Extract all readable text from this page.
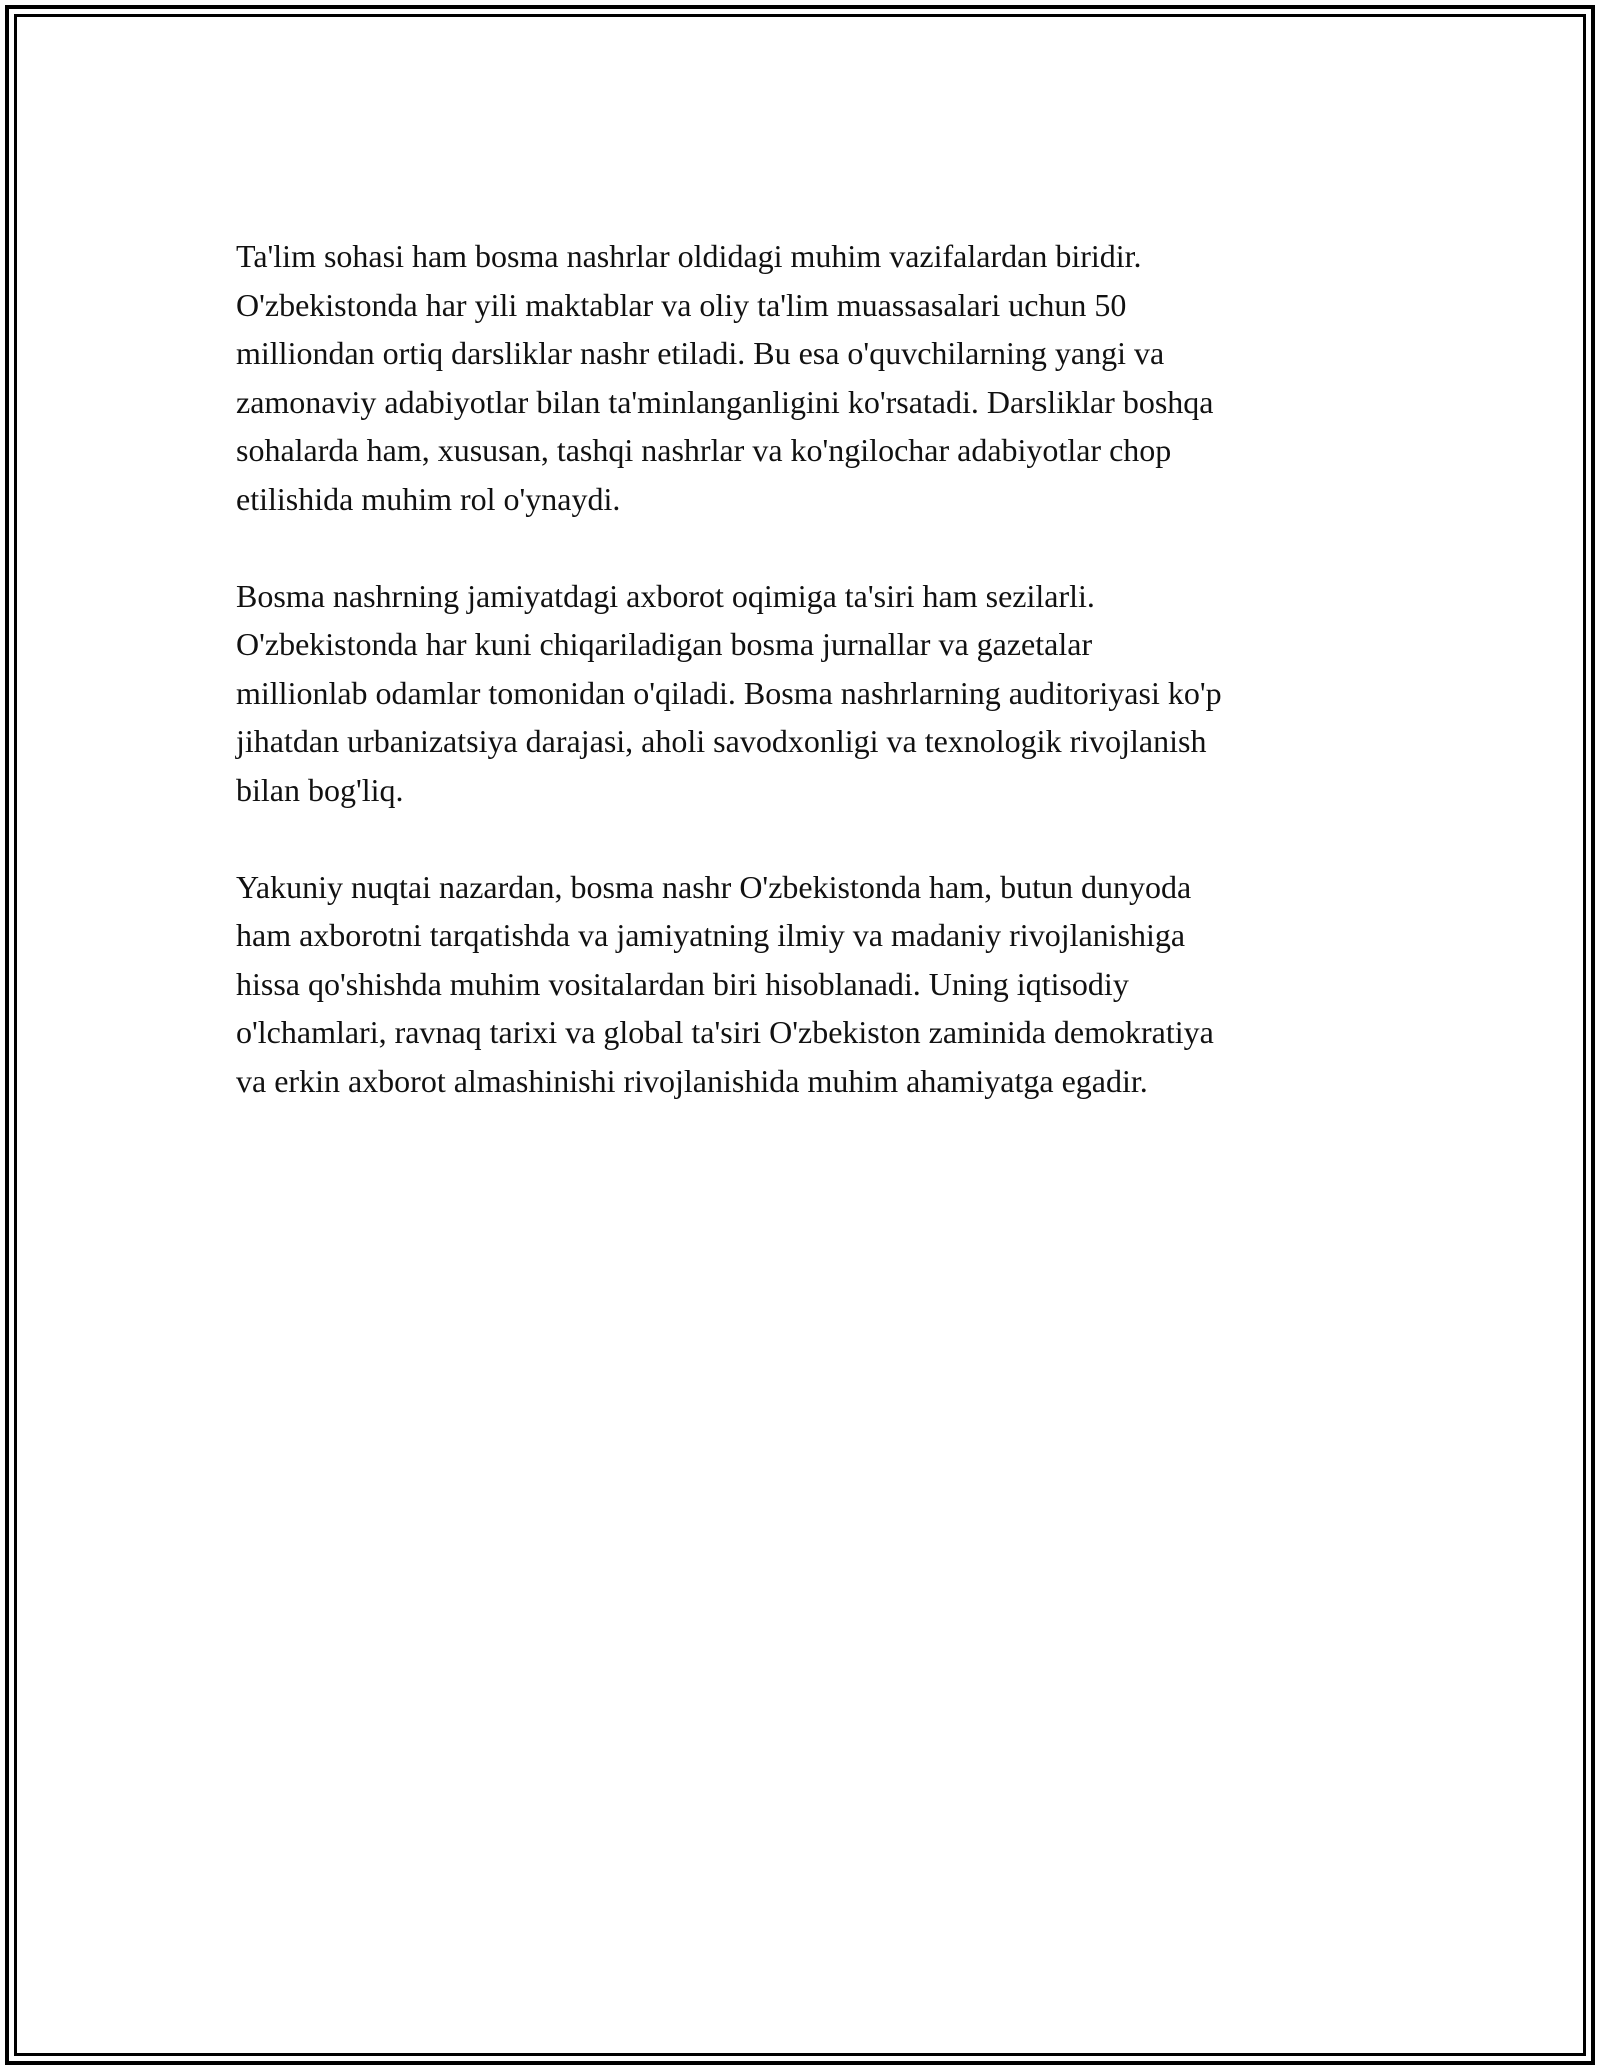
Ta'lim sohasi ham bosma nashrlar oldidagi muhim vazifalardan biridir.
O'zbekistonda har yili maktablar va oliy ta'lim muassasalari uchun 50
milliondan ortiq darsliklar nashr etiladi. Bu esa o'quvchilarning yangi va
zamonaviy adabiyotlar bilan ta'minlanganligini ko'rsatadi. Darsliklar boshqa
sohalarda ham, xususan, tashqi nashrlar va ko'ngilochar adabiyotlar chop
etilishida muhim rol o'ynaydi.
Bosma nashrning jamiyatdagi axborot oqimiga ta'siri ham sezilarli.
O'zbekistonda har kuni chiqariladigan bosma jurnallar va gazetalar
millionlab odamlar tomonidan o'qiladi. Bosma nashrlarning auditoriyasi ko'p
jihatdan urbanizatsiya darajasi, aholi savodxonligi va texnologik rivojlanish
bilan bog'liq.
Yakuniy nuqtai nazardan, bosma nashr O'zbekistonda ham, butun dunyoda
ham axborotni tarqatishda va jamiyatning ilmiy va madaniy rivojlanishiga
hissa qo'shishda muhim vositalardan biri hisoblanadi. Uning iqtisodiy
o'lchamlari, ravnaq tarixi va global ta'siri O'zbekiston zaminida demokratiya
va erkin axborot almashinishi rivojlanishida muhim ahamiyatga egadir.
